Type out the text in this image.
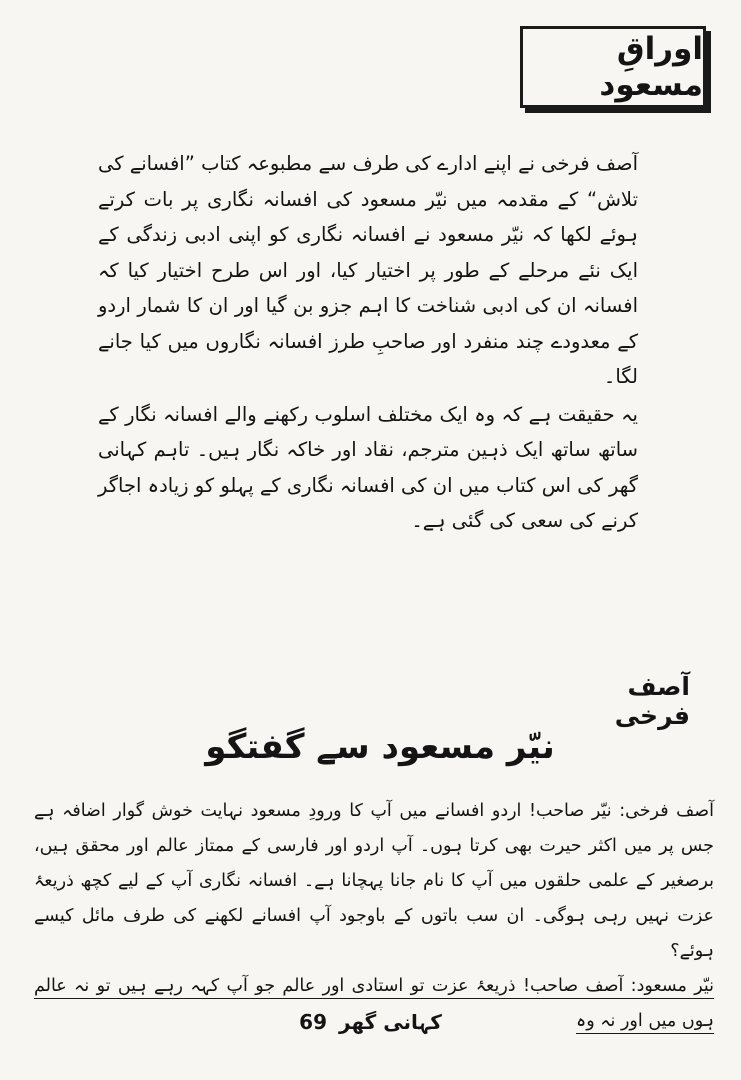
اوراقِ مسعود

آصف فرخی نے اپنے ادارے کی طرف سے مطبوعہ کتاب ”افسانے کی تلاش“ کے مقدمہ میں نیّر مسعود کی افسانہ نگاری پر بات کرتے ہوئے لکھا کہ نیّر مسعود نے افسانہ نگاری کو اپنی ادبی زندگی کے ایک نئے مرحلے کے طور پر اختیار کیا، اور اس طرح اختیار کیا کہ افسانہ ان کی ادبی شناخت کا اہم جزو بن گیا اور ان کا شمار اردو کے معدودے چند منفرد اور صاحبِ طرز افسانہ نگاروں میں کیا جانے لگا۔

یہ حقیقت ہے کہ وہ ایک مختلف اسلوب رکھنے والے افسانہ نگار کے ساتھ ساتھ ایک ذہین مترجم، نقاد اور خاکہ نگار ہیں۔ تاہم کہانی گھر کی اس کتاب میں ان کی افسانہ نگاری کے پہلو کو زیادہ اجاگر کرنے کی سعی کی گئی ہے۔

آصف فرخی
نیّر مسعود سے گفتگو

آصف فرخی: نیّر صاحب! اردو افسانے میں آپ کا ورودِ مسعود نہایت خوش گوار اضافہ ہے جس پر میں اکثر حیرت بھی کرتا ہوں۔ آپ اردو اور فارسی کے ممتاز عالم اور محقق ہیں، برصغیر کے علمی حلقوں میں آپ کا نام جانا پہچانا ہے۔ افسانہ نگاری آپ کے لیے کچھ ذریعۂ عزت نہیں رہی ہوگی۔ ان سب باتوں کے باوجود آپ افسانے لکھنے کی طرف مائل کیسے ہوئے؟

نیّر مسعود: آصف صاحب! ذریعۂ عزت تو استادی اور عالم جو آپ کہہ رہے ہیں تو نہ عالم ہوں میں اور نہ وہ

69 کہانی گھر
